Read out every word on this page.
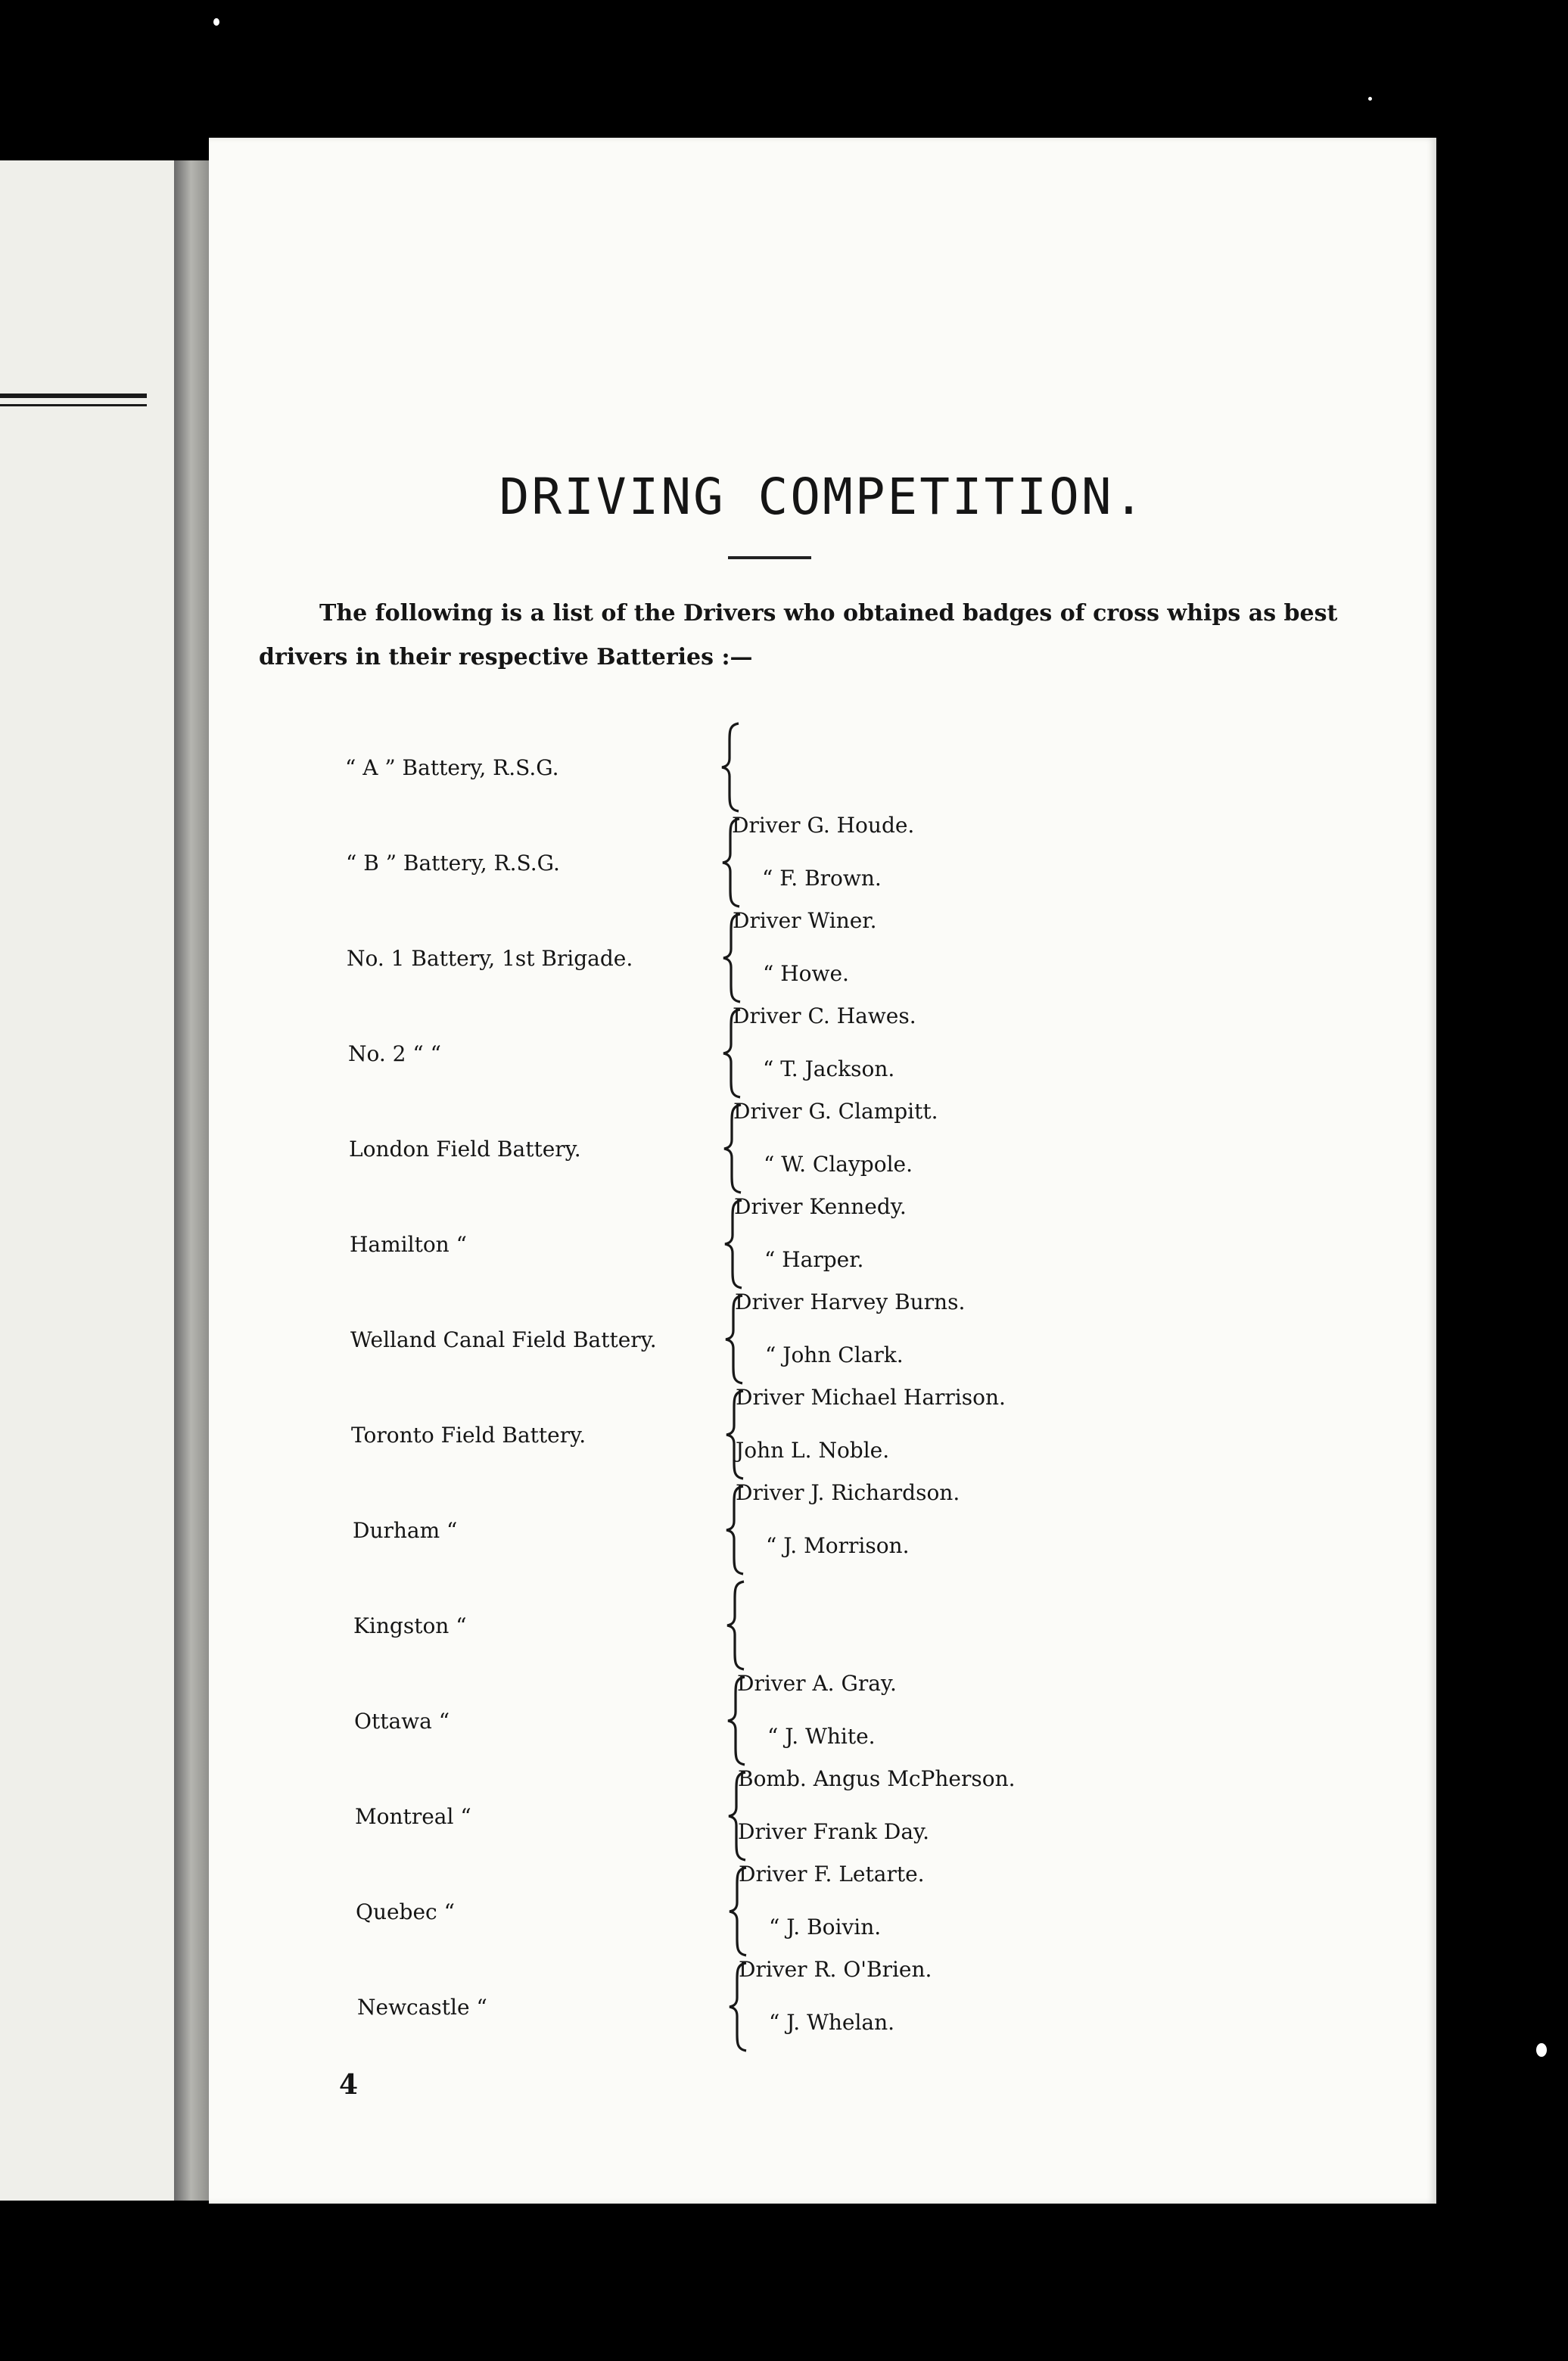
DRIVING COMPETITION.
The following is a list of the Drivers who obtained badges of cross whips as best drivers in their respective Batteries :—
“ A ” Battery, R.S.G.
“ B ” Battery, R.S.G.
Driver G. Houde.
“ F. Brown.
No. 1 Battery, 1st Brigade.
Driver Winer.
“ Howe.
No. 2 “ “
Driver C. Hawes.
“ T. Jackson.
London Field Battery.
Driver G. Clampitt.
“ W. Claypole.
Hamilton “
Driver Kennedy.
“ Harper.
Welland Canal Field Battery.
Driver Harvey Burns.
“ John Clark.
Toronto Field Battery.
Driver Michael Harrison.
John L. Noble.
Durham “
Driver J. Richardson.
“ J. Morrison.
Kingston “
Ottawa “
Driver A. Gray.
“ J. White.
Montreal “
Bomb. Angus McPherson.
Driver Frank Day.
Quebec “
Driver F. Letarte.
“ J. Boivin.
Newcastle “
Driver R. O'Brien.
“ J. Whelan.
4
